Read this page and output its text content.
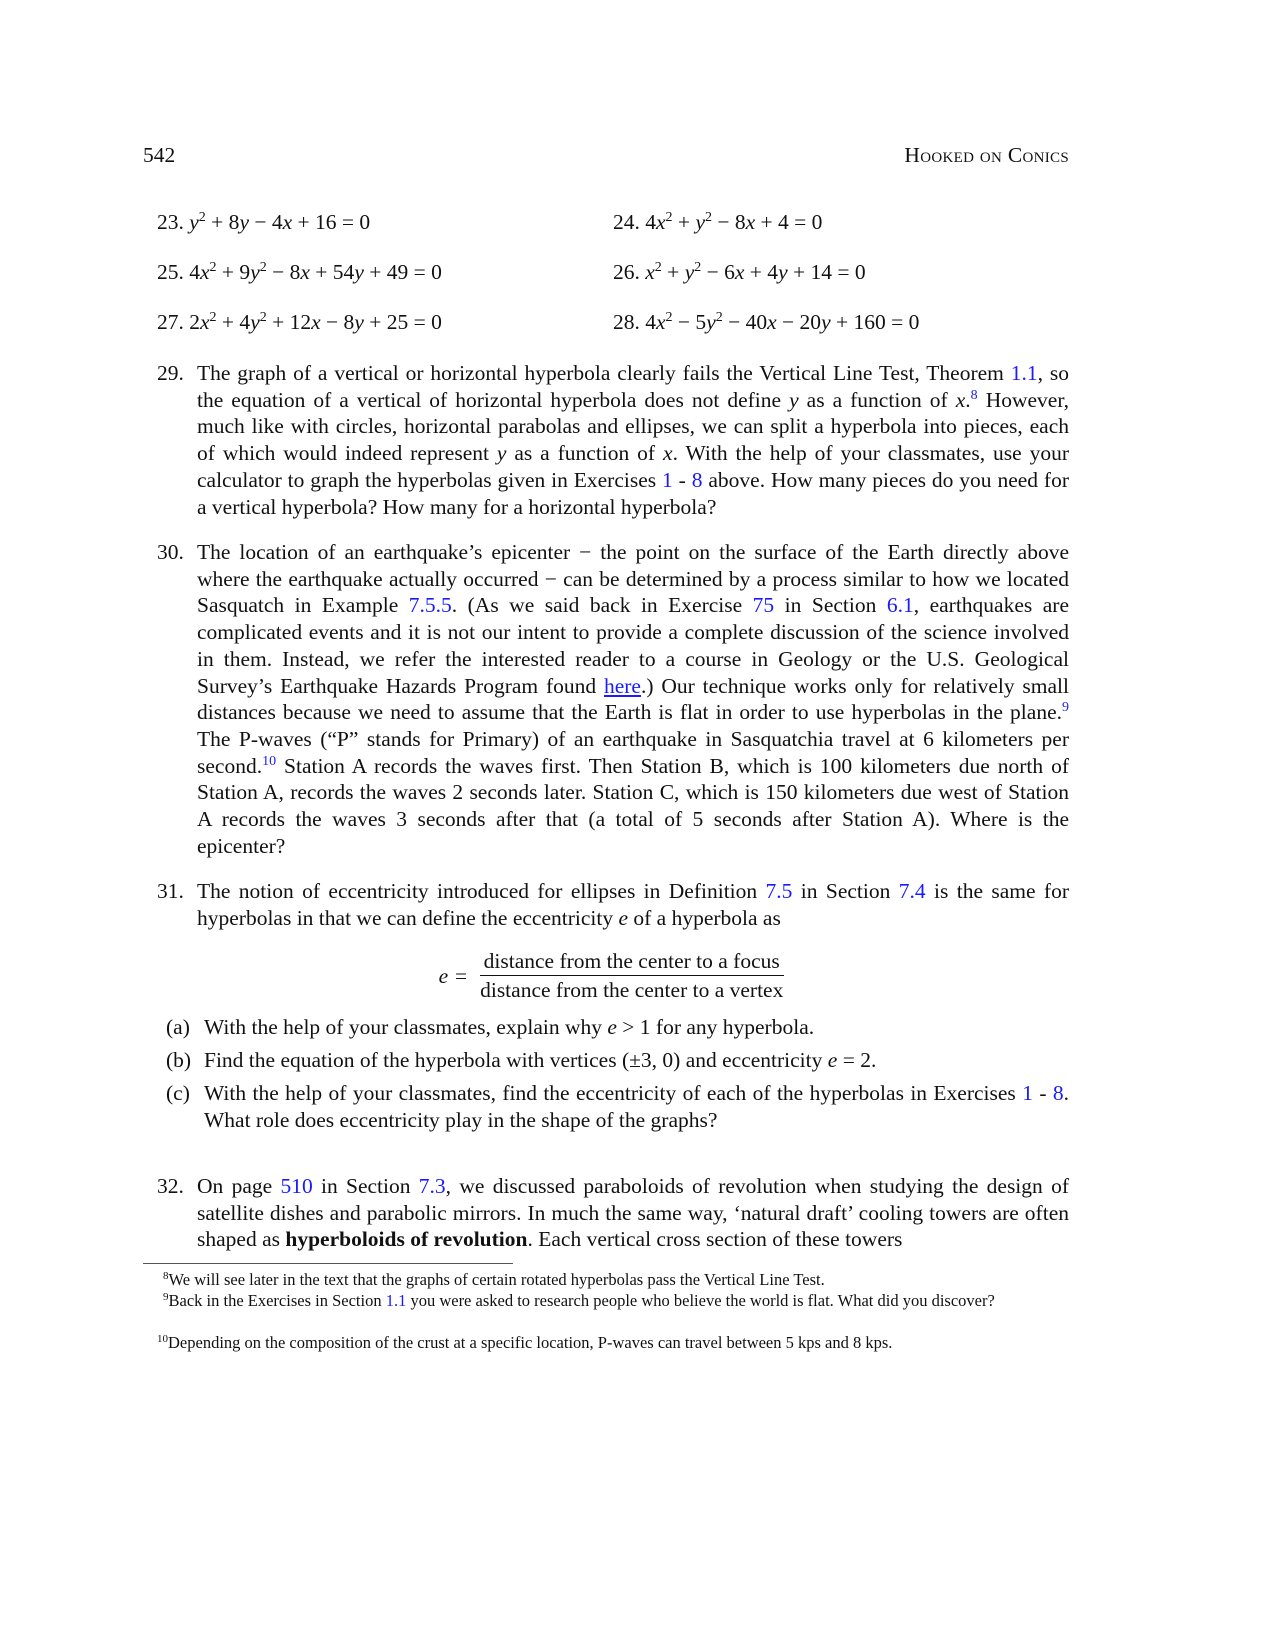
542	Hooked on Conics
23. $y^2 + 8y - 4x + 16 = 0$	24. $4x^2 + y^2 - 8x + 4 = 0$
25. $4x^2 + 9y^2 - 8x + 54y + 49 = 0$	26. $x^2 + y^2 - 6x + 4y + 14 = 0$
27. $2x^2 + 4y^2 + 12x - 8y + 25 = 0$	28. $4x^2 - 5y^2 - 40x - 20y + 160 = 0$
29. The graph of a vertical or horizontal hyperbola clearly fails the Vertical Line Test, Theorem 1.1, so the equation of a vertical of horizontal hyperbola does not define y as a function of x.$^8$ However, much like with circles, horizontal parabolas and ellipses, we can split a hyperbola into pieces, each of which would indeed represent y as a function of x. With the help of your classmates, use your calculator to graph the hyperbolas given in Exercises 1 - 8 above. How many pieces do you need for a vertical hyperbola? How many for a horizontal hyperbola?
30. The location of an earthquake’s epicenter − the point on the surface of the Earth directly above where the earthquake actually occurred − can be determined by a process similar to how we located Sasquatch in Example 7.5.5. (As we said back in Exercise 75 in Section 6.1, earthquakes are complicated events and it is not our intent to provide a complete discussion of the science involved in them. Instead, we refer the interested reader to a course in Geology or the U.S. Geological Survey’s Earthquake Hazards Program found here.) Our technique works only for relatively small distances because we need to assume that the Earth is flat in order to use hyperbolas in the plane.$^9$ The P-waves (“P” stands for Primary) of an earthquake in Sasquatchia travel at 6 kilometers per second.$^{10}$ Station A records the waves first. Then Station B, which is 100 kilometers due north of Station A, records the waves 2 seconds later. Station C, which is 150 kilometers due west of Station A records the waves 3 seconds after that (a total of 5 seconds after Station A). Where is the epicenter?
31. The notion of eccentricity introduced for ellipses in Definition 7.5 in Section 7.4 is the same for hyperbolas in that we can define the eccentricity e of a hyperbola as
e =
distance from the center to a focus
distance from the center to a vertex
(a) With the help of your classmates, explain why e > 1 for any hyperbola.
(b) Find the equation of the hyperbola with vertices (±3, 0) and eccentricity e = 2.
(c) With the help of your classmates, find the eccentricity of each of the hyperbolas in Exercises 1 - 8. What role does eccentricity play in the shape of the graphs?
32. On page 510 in Section 7.3, we discussed paraboloids of revolution when studying the design of satellite dishes and parabolic mirrors. In much the same way, ‘natural draft’ cooling towers are often shaped as hyperboloids of revolution. Each vertical cross section of these towers
$^8$We will see later in the text that the graphs of certain rotated hyperbolas pass the Vertical Line Test.
$^9$Back in the Exercises in Section 1.1 you were asked to research people who believe the world is flat. What did you discover?
$^{10}$Depending on the composition of the crust at a specific location, P-waves can travel between 5 kps and 8 kps.
